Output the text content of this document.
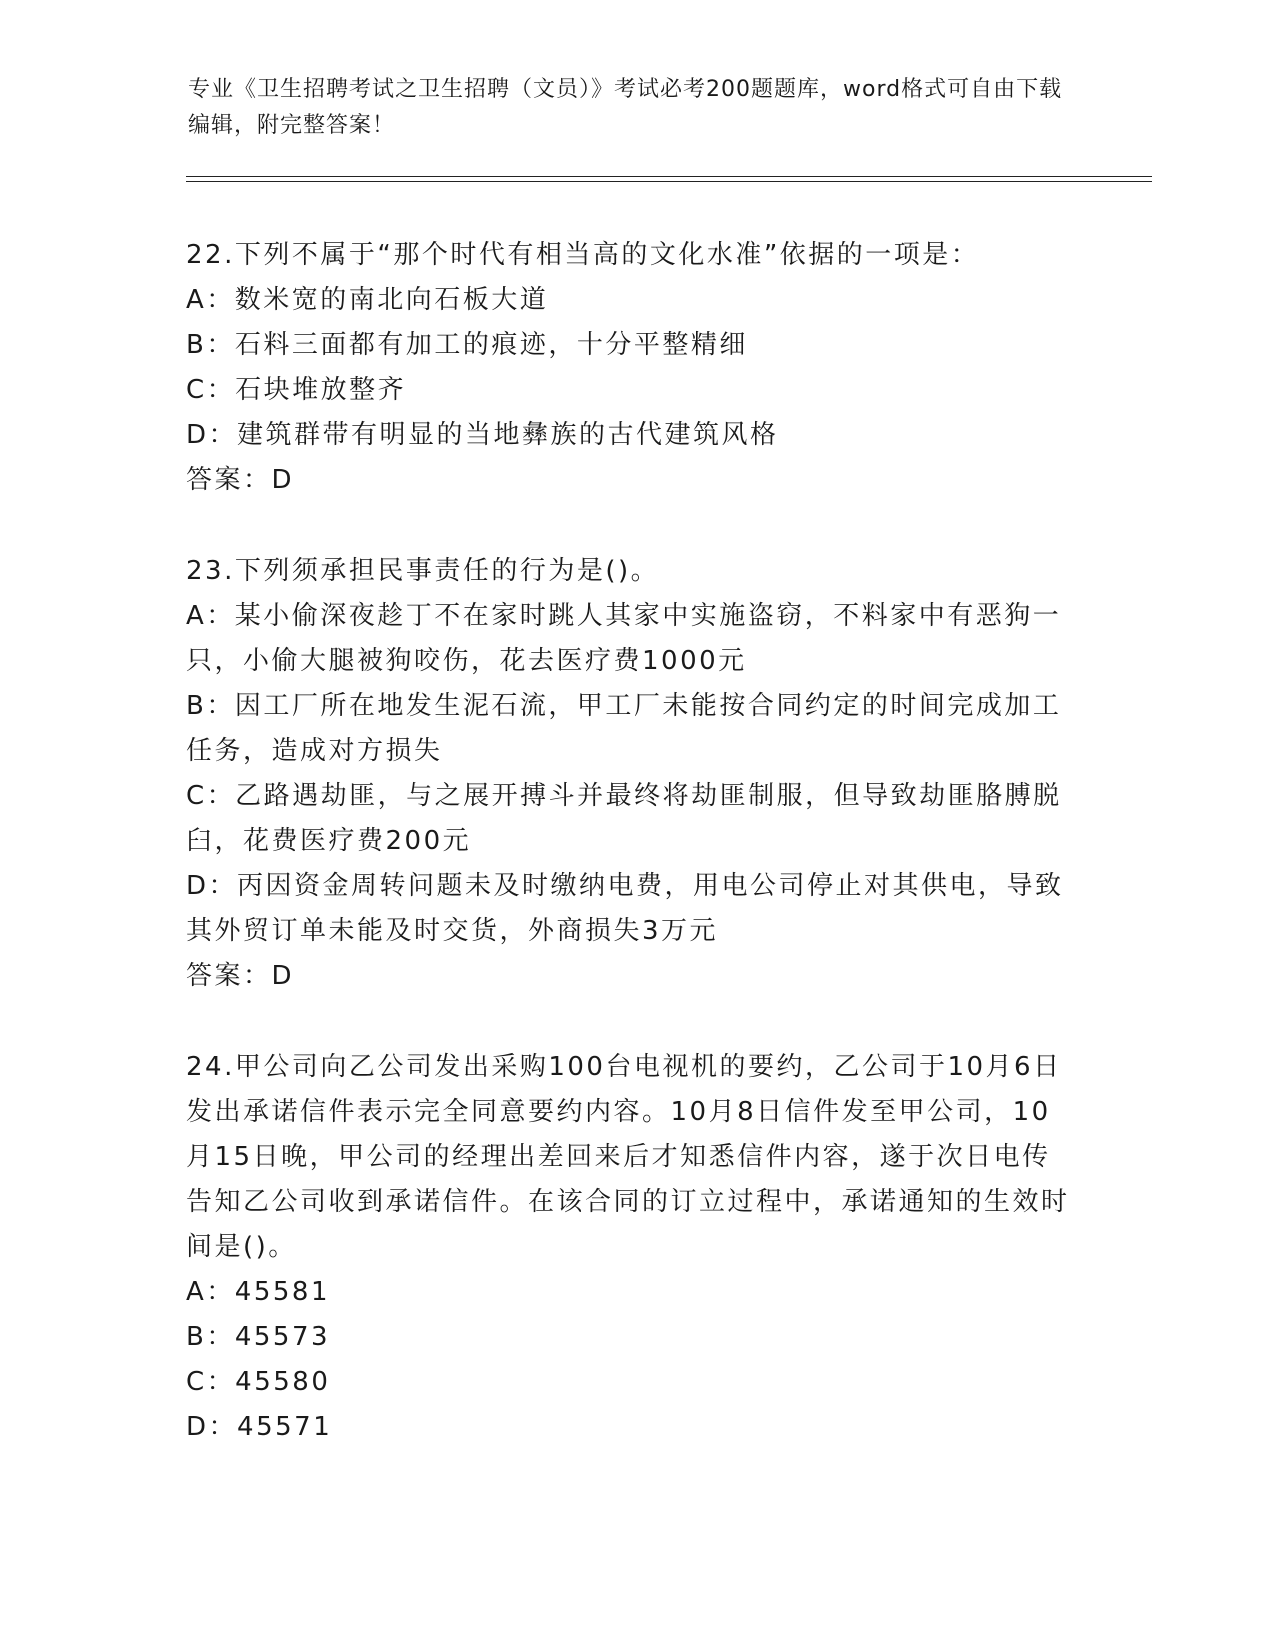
专业《卫生招聘考试之卫生招聘（文员）》考试必考200题题库，word格式可自由下载编辑，附完整答案！

22.下列不属于“那个时代有相当高的文化水准”依据的一项是：

A：数米宽的南北向石板大道

B：石料三面都有加工的痕迹，十分平整精细

C：石块堆放整齐

D：建筑群带有明显的当地彝族的古代建筑风格

答案：D

23.下列须承担民事责任的行为是()。

A：某小偷深夜趁丁不在家时跳人其家中实施盗窃，不料家中有恶狗一只，小偷大腿被狗咬伤，花去医疗费1000元

B：因工厂所在地发生泥石流，甲工厂未能按合同约定的时间完成加工任务，造成对方损失

C：乙路遇劫匪，与之展开搏斗并最终将劫匪制服，但导致劫匪胳膊脱臼，花费医疗费200元

D：丙因资金周转问题未及时缴纳电费，用电公司停止对其供电，导致其外贸订单未能及时交货，外商损失3万元

答案：D

24.甲公司向乙公司发出采购100台电视机的要约，乙公司于10月6日发出承诺信件表示完全同意要约内容。10月8日信件发至甲公司，10月15日晚，甲公司的经理出差回来后才知悉信件内容，遂于次日电传告知乙公司收到承诺信件。在该合同的订立过程中，承诺通知的生效时间是()。

A：45581

B：45573

C：45580

D：45571
